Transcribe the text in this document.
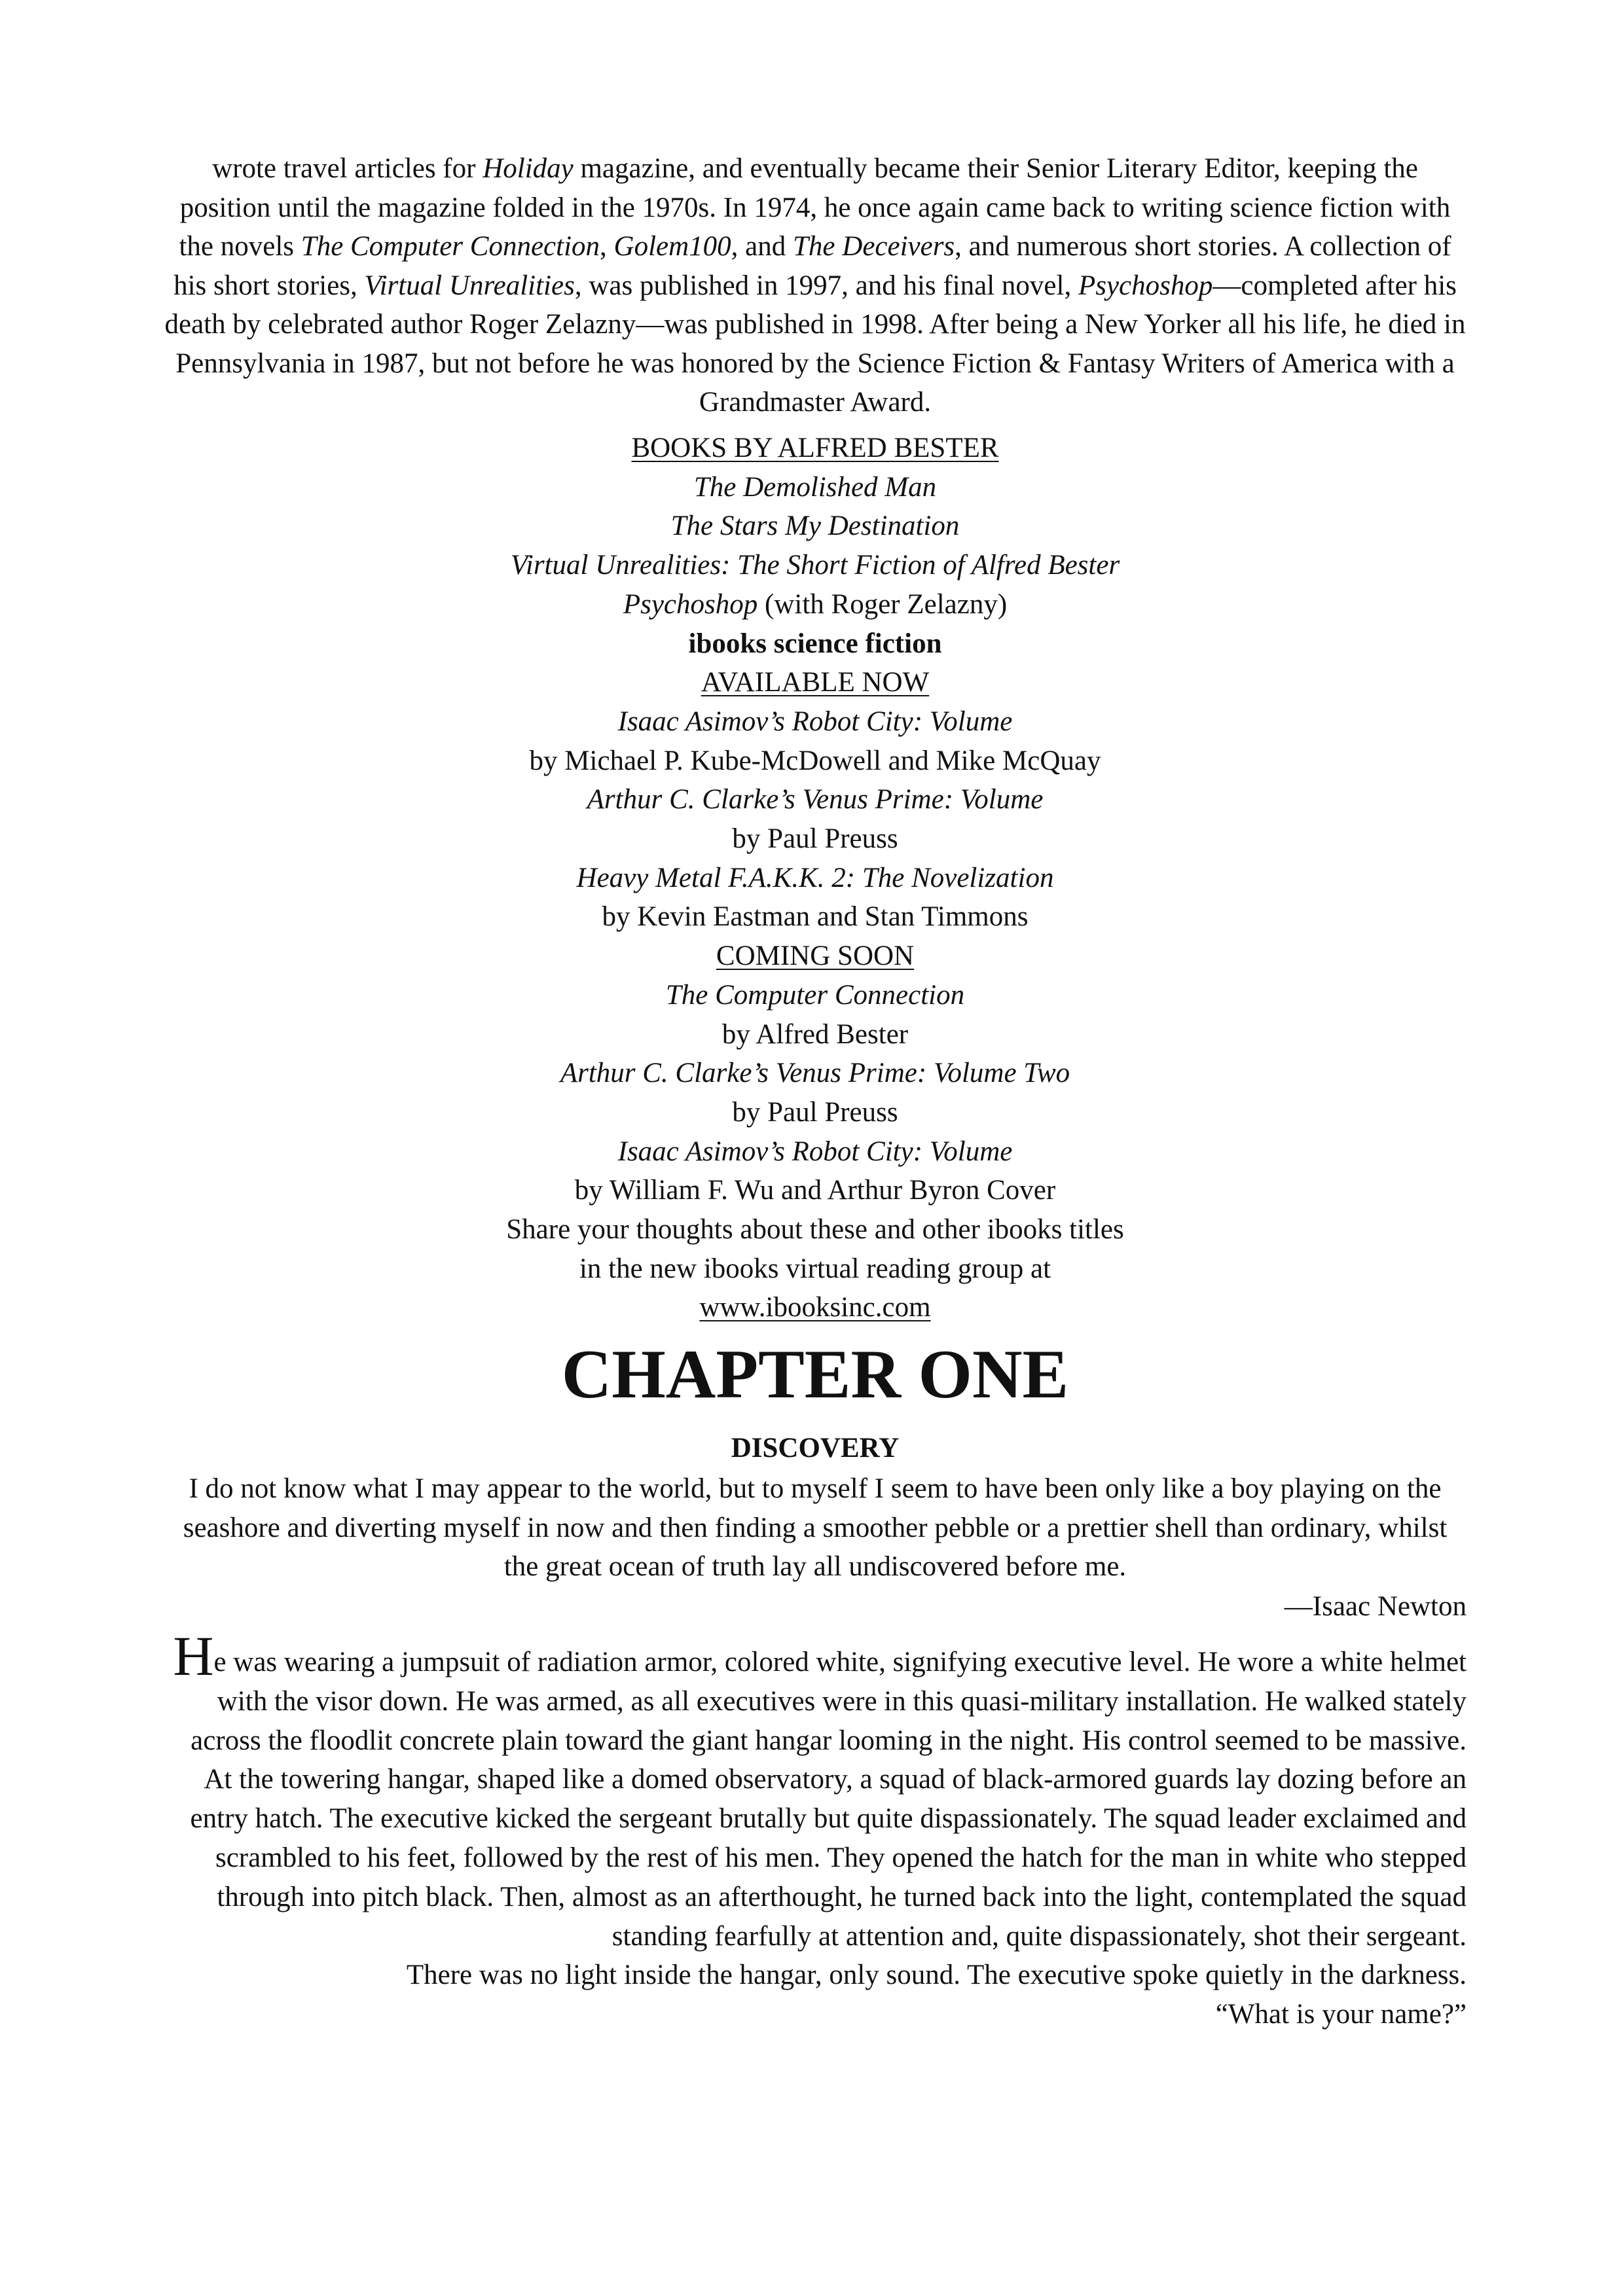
wrote travel articles for Holiday magazine, and eventually became their Senior Literary Editor, keeping the position until the magazine folded in the 1970s. In 1974, he once again came back to writing science fiction with the novels The Computer Connection, Golem100, and The Deceivers, and numerous short stories. A collection of his short stories, Virtual Unrealities, was published in 1997, and his final novel, Psychoshop—completed after his death by celebrated author Roger Zelazny—was published in 1998. After being a New Yorker all his life, he died in Pennsylvania in 1987, but not before he was honored by the Science Fiction & Fantasy Writers of America with a Grandmaster Award.

BOOKS BY ALFRED BESTER

The Demolished Man

The Stars My Destination

Virtual Unrealities: The Short Fiction of Alfred Bester

Psychoshop (with Roger Zelazny)

ibooks science fiction

AVAILABLE NOW

Isaac Asimov’s Robot City: Volume

by Michael P. Kube-McDowell and Mike McQuay

Arthur C. Clarke’s Venus Prime: Volume

by Paul Preuss

Heavy Metal F.A.K.K. 2: The Novelization

by Kevin Eastman and Stan Timmons

COMING SOON

The Computer Connection

by Alfred Bester

Arthur C. Clarke’s Venus Prime: Volume Two

by Paul Preuss

Isaac Asimov’s Robot City: Volume

by William F. Wu and Arthur Byron Cover

Share your thoughts about these and other ibooks titles

in the new ibooks virtual reading group at

www.ibooksinc.com

CHAPTER ONE
DISCOVERY

I do not know what I may appear to the world, but to myself I seem to have been only like a boy playing on the seashore and diverting myself in now and then finding a smoother pebble or a prettier shell than ordinary, whilst the great ocean of truth lay all undiscovered before me.

—Isaac Newton

He was wearing a jumpsuit of radiation armor, colored white, signifying executive level. He wore a white helmet with the visor down. He was armed, as all executives were in this quasi-military installation. He walked stately across the floodlit concrete plain toward the giant hangar looming in the night. His control seemed to be massive.

At the towering hangar, shaped like a domed observatory, a squad of black-armored guards lay dozing before an entry hatch. The executive kicked the sergeant brutally but quite dispassionately. The squad leader exclaimed and scrambled to his feet, followed by the rest of his men. They opened the hatch for the man in white who stepped through into pitch black. Then, almost as an afterthought, he turned back into the light, contemplated the squad standing fearfully at attention and, quite dispassionately, shot their sergeant.

There was no light inside the hangar, only sound. The executive spoke quietly in the darkness.

“What is your name?”
